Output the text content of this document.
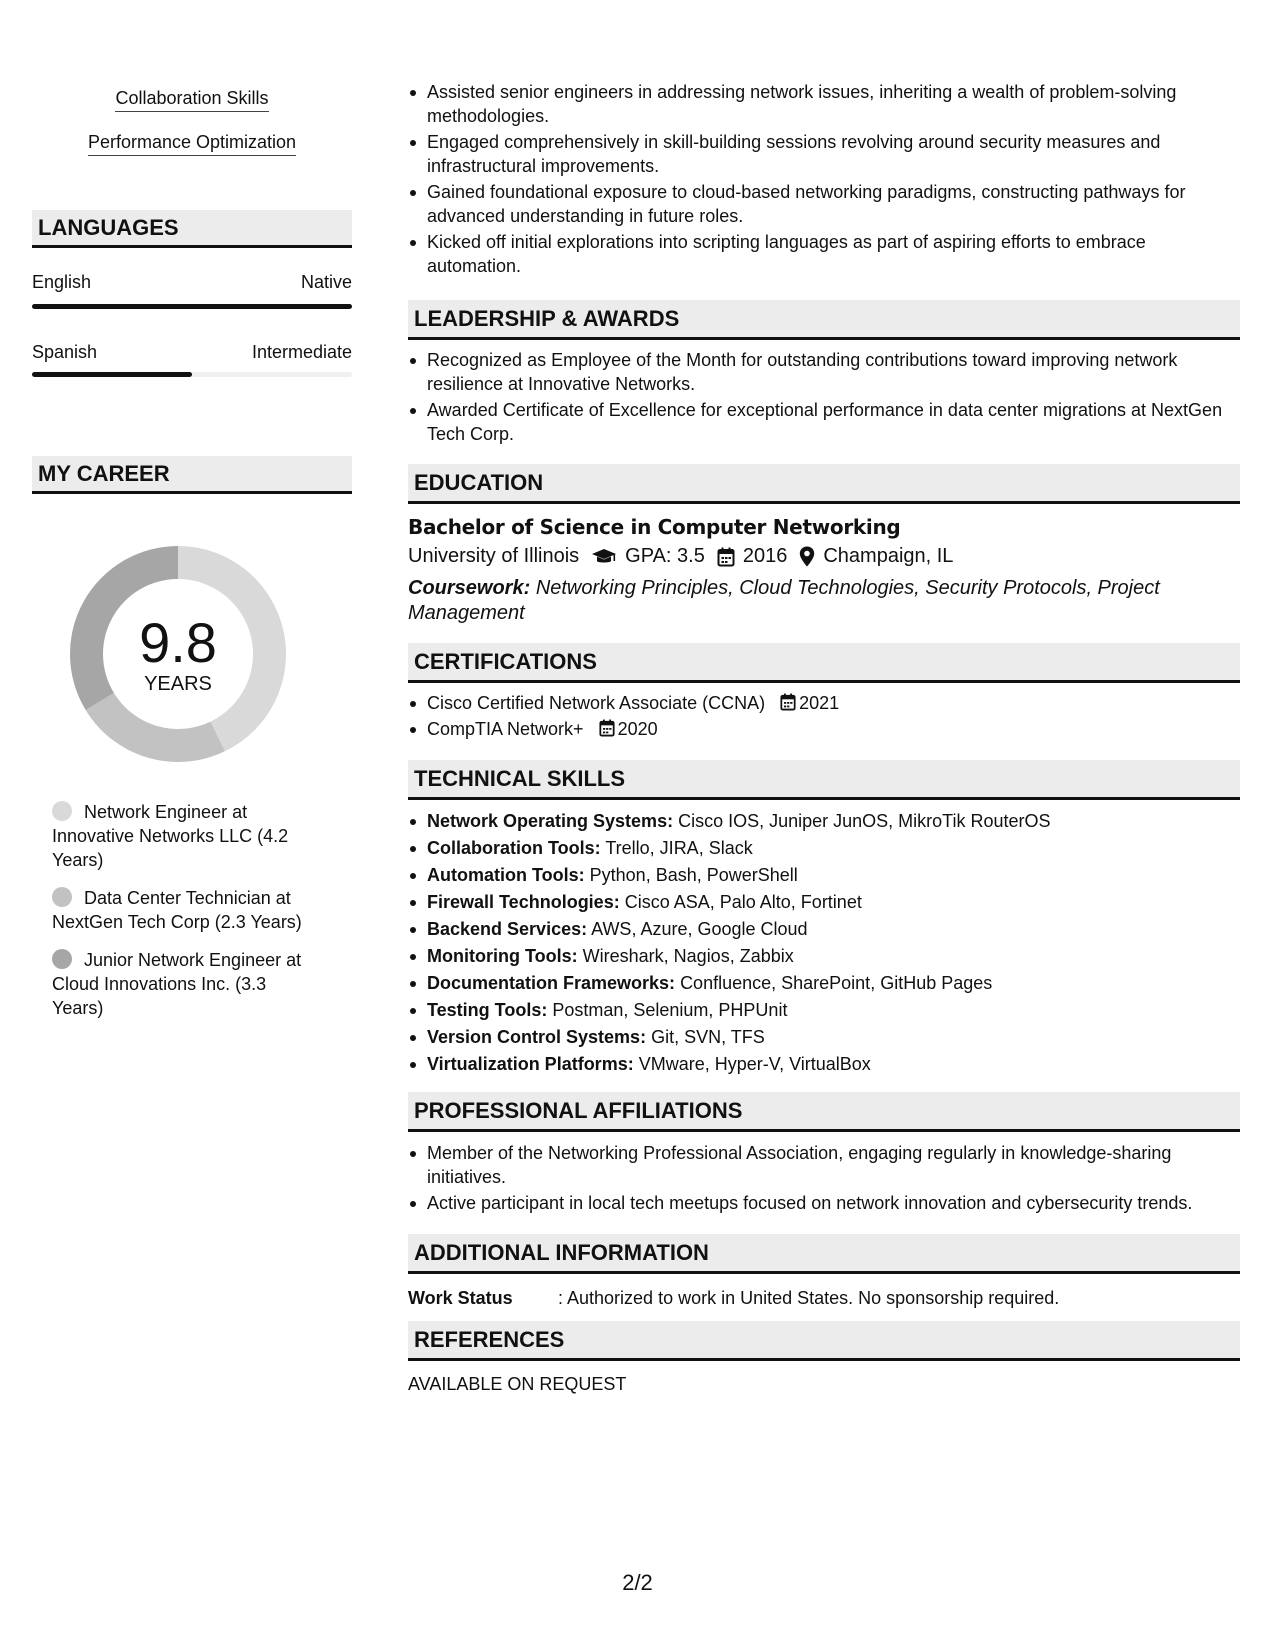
Collaboration Skills
Performance Optimization
LANGUAGES
English	Native
Spanish	Intermediate
MY CAREER
9.8
YEARS
Network Engineer at Innovative Networks LLC (4.2 Years)
Data Center Technician at NextGen Tech Corp (2.3 Years)
Junior Network Engineer at Cloud Innovations Inc. (3.3 Years)
Assisted senior engineers in addressing network issues, inheriting a wealth of problem-solving methodologies.
Engaged comprehensively in skill-building sessions revolving around security measures and infrastructural improvements.
Gained foundational exposure to cloud-based networking paradigms, constructing pathways for advanced understanding in future roles.
Kicked off initial explorations into scripting languages as part of aspiring efforts to embrace automation.
LEADERSHIP & AWARDS
Recognized as Employee of the Month for outstanding contributions toward improving network resilience at Innovative Networks.
Awarded Certificate of Excellence for exceptional performance in data center migrations at NextGen Tech Corp.
EDUCATION
Bachelor of Science in Computer Networking
University of Illinois GPA: 3.5 2016 Champaign, IL
Coursework: Networking Principles, Cloud Technologies, Security Protocols, Project Management
CERTIFICATIONS
Cisco Certified Network Associate (CCNA) 2021
CompTIA Network+ 2020
TECHNICAL SKILLS
Network Operating Systems: Cisco IOS, Juniper JunOS, MikroTik RouterOS
Collaboration Tools: Trello, JIRA, Slack
Automation Tools: Python, Bash, PowerShell
Firewall Technologies: Cisco ASA, Palo Alto, Fortinet
Backend Services: AWS, Azure, Google Cloud
Monitoring Tools: Wireshark, Nagios, Zabbix
Documentation Frameworks: Confluence, SharePoint, GitHub Pages
Testing Tools: Postman, Selenium, PHPUnit
Version Control Systems: Git, SVN, TFS
Virtualization Platforms: VMware, Hyper-V, VirtualBox
PROFESSIONAL AFFILIATIONS
Member of the Networking Professional Association, engaging regularly in knowledge-sharing initiatives.
Active participant in local tech meetups focused on network innovation and cybersecurity trends.
ADDITIONAL INFORMATION
Work Status	: Authorized to work in United States. No sponsorship required.
REFERENCES
AVAILABLE ON REQUEST
2/2
